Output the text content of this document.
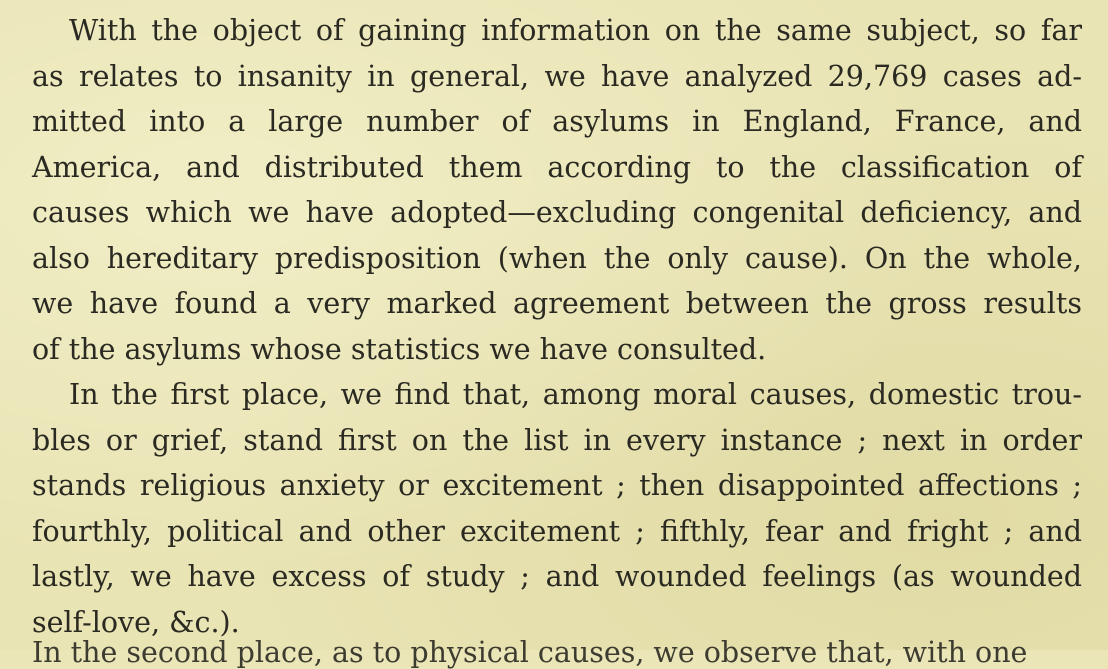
With the object of gaining information on the same subject, so far
as relates to insanity in general, we have analyzed 29,769 cases ad-
mitted into a large number of asylums in England, France, and
America, and distributed them according to the classification of
causes which we have adopted—excluding congenital deficiency, and
also hereditary predisposition (when the only cause). On the whole,
we have found a very marked agreement between the gross results
of the asylums whose statistics we have consulted.
In the first place, we find that, among moral causes, domestic trou-
bles or grief, stand first on the list in every instance ; next in order
stands religious anxiety or excitement ; then disappointed affections ;
fourthly, political and other excitement ; fifthly, fear and fright ; and
lastly, we have excess of study ; and wounded feelings (as wounded
self-love, &c.).
In the second place, as to physical causes, we observe that, with one
